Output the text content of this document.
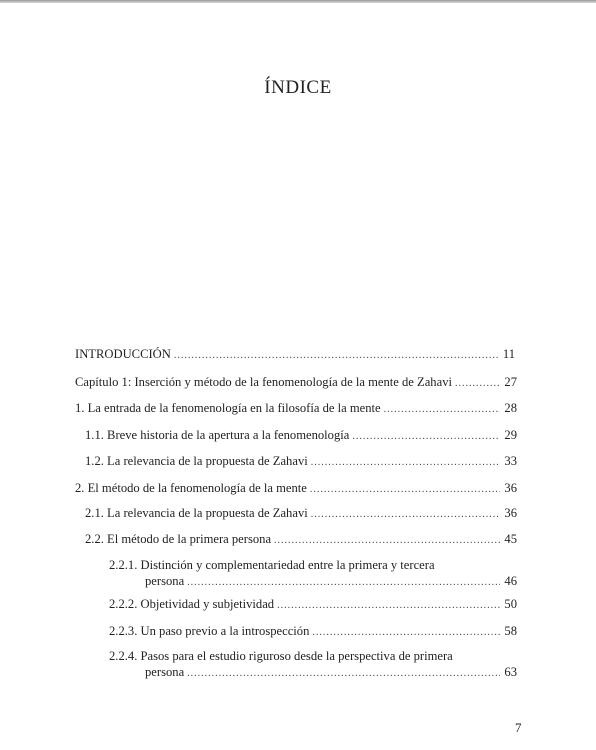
ÍNDICE
INTRODUCCIÓN .....	11
Capítulo 1: Inserción y método de la fenomenología de la mente de Zahavi .....	27
1. La entrada de la fenomenología en la filosofía de la mente .....	28
1.1. Breve historia de la apertura a la fenomenología .....	29
1.2. La relevancia de la propuesta de Zahavi .....	33
2. El método de la fenomenología de la mente .....	36
2.1. La relevancia de la propuesta de Zahavi .....	36
2.2. El método de la primera persona .....	45
2.2.1. Distinción y complementariedad entre la primera y tercera
persona .....	46
2.2.2. Objetividad y subjetividad .....	50
2.2.3. Un paso previo a la introspección .....	58
2.2.4. Pasos para el estudio riguroso desde la perspectiva de primera
persona .....	63
7
